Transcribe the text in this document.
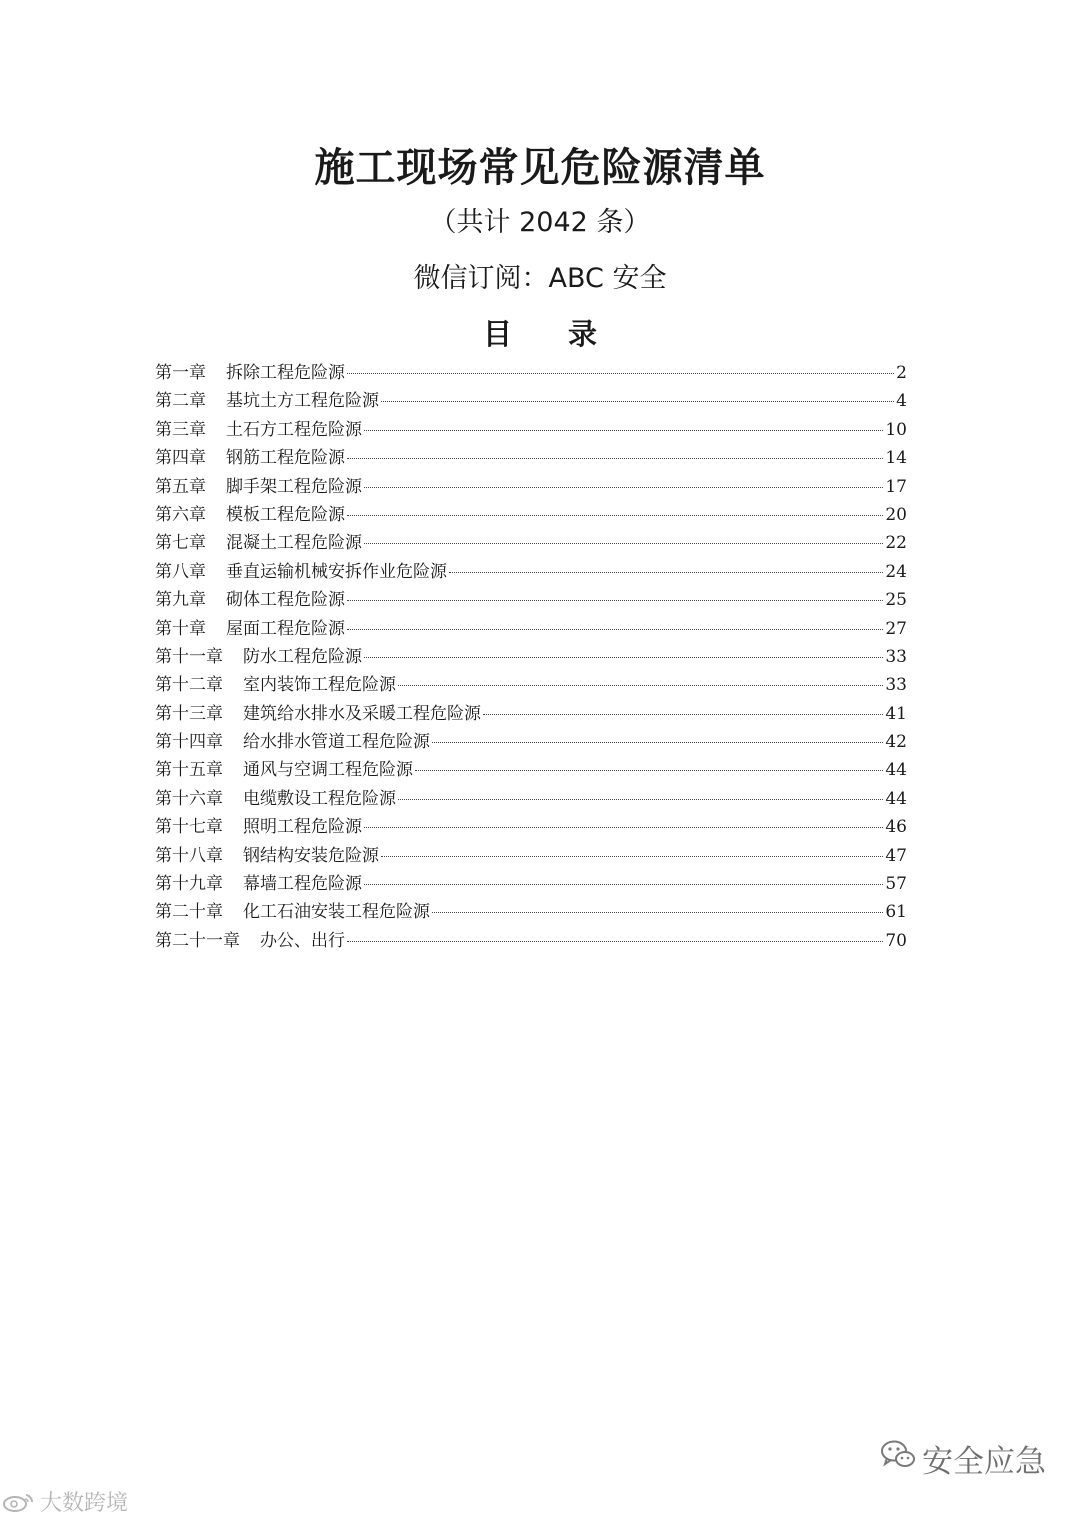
施工现场常见危险源清单
（共计 2042 条）
微信订阅：ABC 安全
目录
第一章 拆除工程危险源	2
第二章 基坑土方工程危险源	4
第三章 土石方工程危险源	10
第四章 钢筋工程危险源	14
第五章 脚手架工程危险源	17
第六章 模板工程危险源	20
第七章 混凝土工程危险源	22
第八章 垂直运输机械安拆作业危险源	24
第九章 砌体工程危险源	25
第十章 屋面工程危险源	27
第十一章 防水工程危险源	33
第十二章 室内装饰工程危险源	33
第十三章 建筑给水排水及采暖工程危险源	41
第十四章 给水排水管道工程危险源	42
第十五章 通风与空调工程危险源	44
第十六章 电缆敷设工程危险源	44
第十七章 照明工程危险源	46
第十八章 钢结构安装危险源	47
第十九章 幕墙工程危险源	57
第二十章 化工石油安装工程危险源	61
第二十一章 办公、出行	70
大数跨境
安全应急
